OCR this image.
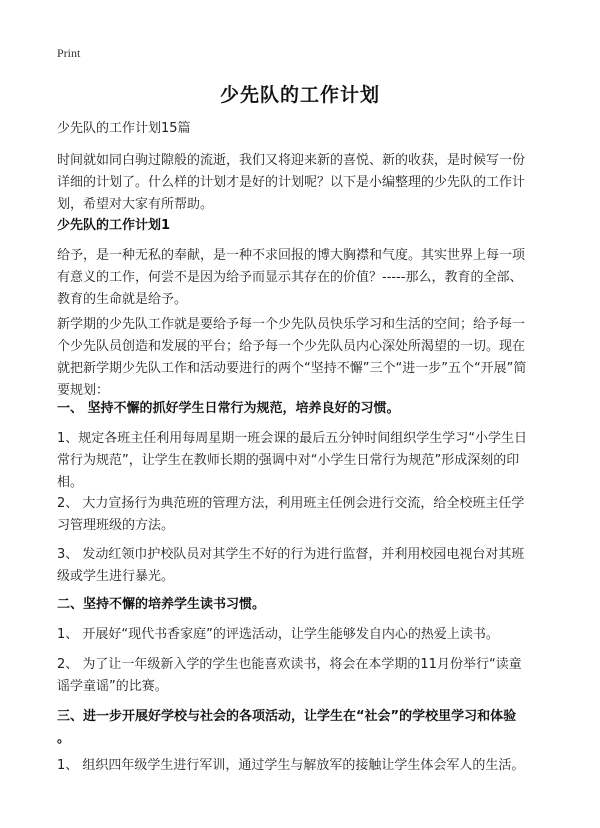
Print
少先队的工作计划
少先队的工作计划15篇
时间就如同白驹过隙般的流逝，我们又将迎来新的喜悦、新的收获，是时候写一份
详细的计划了。什么样的计划才是好的计划呢？以下是小编整理的少先队的工作计
划，希望对大家有所帮助。
少先队的工作计划1
给予，是一种无私的奉献，是一种不求回报的博大胸襟和气度。其实世界上每一项
有意义的工作，何尝不是因为给予而显示其存在的价值？-----那么，教育的全部、
教育的生命就是给予。
新学期的少先队工作就是要给予每一个少先队员快乐学习和生活的空间；给予每一
个少先队员创造和发展的平台；给予每一个少先队员内心深处所渴望的一切。现在
就把新学期少先队工作和活动要进行的两个“坚持不懈”三个“进一步”五个“开展”简
要规划：
一、 坚持不懈的抓好学生日常行为规范，培养良好的习惯。
1、规定各班主任利用每周星期一班会课的最后五分钟时间组织学生学习“小学生日
常行为规范”，让学生在教师长期的强调中对“小学生日常行为规范”形成深刻的印
相。
2、 大力宣扬行为典范班的管理方法，利用班主任例会进行交流，给全校班主任学
习管理班级的方法。
3、 发动红领巾护校队员对其学生不好的行为进行监督，并利用校园电视台对其班
级或学生进行暴光。
二、坚持不懈的培养学生读书习惯。
1、 开展好“现代书香家庭”的评选活动，让学生能够发自内心的热爱上读书。
2、 为了让一年级新入学的学生也能喜欢读书，将会在本学期的11月份举行“读童
谣学童谣”的比赛。
三、进一步开展好学校与社会的各项活动，让学生在“社会”的学校里学习和体验
。
1、 组织四年级学生进行军训，通过学生与解放军的接触让学生体会军人的生活。
